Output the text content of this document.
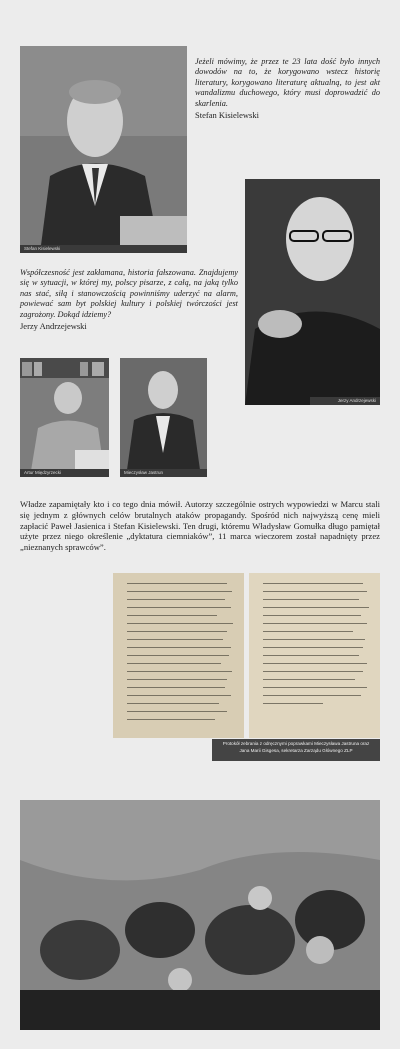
Stefan Kisielewski

Jeżeli mówimy, że przez te 23 lata dość było innych dowodów na to, że korygowano wstecz historię literatury, korygowano literaturę aktualną, to jest akt wandalizmu duchowego, który musi doprowadzić do skarlenia.

Stefan Kisielewski
Jerzy Andrzejewski

Współczesność jest zakłamana, historia fałszowana. Znajdujemy się w sytuacji, w której my, polscy pisarze, z całą, na jaką tylko nas stać, siłą i stanowczością powinniśmy uderzyć na alarm, powiewać sam byt polskiej kultury i polskiej twórczości jest zagrożony. Dokąd idziemy?

Jerzy Andrzejewski
Artur Międzyrzecki	Mieczysław Jastrun

Władze zapamiętały kto i co tego dnia mówił. Autorzy szczególnie ostrych wypowiedzi w Marcu stali się jednym z głównych celów brutalnych ataków propagandy. Spośród nich najwyższą cenę mieli zapłacić Paweł Jasienica i Stefan Kisielewski. Ten drugi, któremu Władysław Gomułka długo pamiętał użyte przez niego określenie „dyktatura ciemniaków”, 11 marca wieczorem został napadnięty przez „nieznanych sprawców”.

Protokół zebrania z odręcznymi poprawkami Mieczysława Jastruna oraz Jana Marii Gisgesa, sekretarza Zarządu Głównego ZLP
